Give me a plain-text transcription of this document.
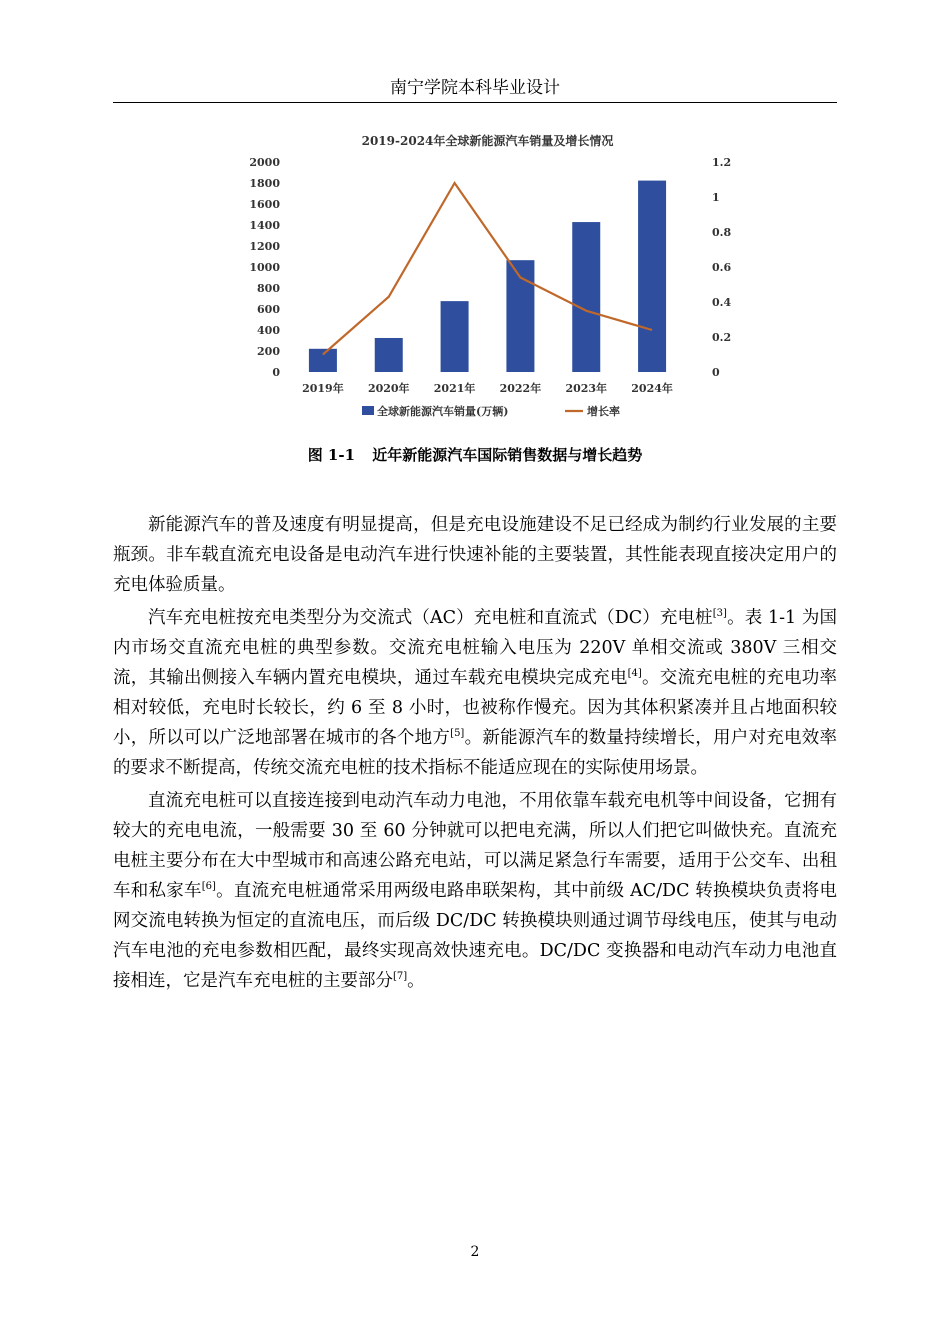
南宁学院本科毕业设计
2019-2024年全球新能源汽车销量及增长情况
0
200
400
600
800
1000
1200
1400
1600
1800
2000
0
0.2
0.4
0.6
0.8
1
1.2
2019年 2020年 2021年 2022年 2023年 2024年
全球新能源汽车销量(万辆)	增长率
图 1-1 近年新能源汽车国际销售数据与增长趋势

新能源汽车的普及速度有明显提高，但是充电设施建设不足已经成为制约行业发展的主要瓶颈。非车载直流充电设备是电动汽车进行快速补能的主要装置，其性能表现直接决定用户的充电体验质量。

汽车充电桩按充电类型分为交流式（AC）充电桩和直流式（DC）充电桩[3]。表 1-1 为国内市场交直流充电桩的典型参数。交流充电桩输入电压为 220V 单相交流或 380V 三相交流，其输出侧接入车辆内置充电模块，通过车载充电模块完成充电[4]。交流充电桩的充电功率相对较低，充电时长较长，约 6 至 8 小时，也被称作慢充。因为其体积紧凑并且占地面积较小，所以可以广泛地部署在城市的各个地方[5]。新能源汽车的数量持续增长，用户对充电效率的要求不断提高，传统交流充电桩的技术指标不能适应现在的实际使用场景。

直流充电桩可以直接连接到电动汽车动力电池，不用依靠车载充电机等中间设备，它拥有较大的充电电流，一般需要 30 至 60 分钟就可以把电充满，所以人们把它叫做快充。直流充电桩主要分布在大中型城市和高速公路充电站，可以满足紧急行车需要，适用于公交车、出租车和私家车[6]。直流充电桩通常采用两级电路串联架构，其中前级 AC/DC 转换模块负责将电网交流电转换为恒定的直流电压，而后级 DC/DC 转换模块则通过调节母线电压，使其与电动汽车电池的充电参数相匹配，最终实现高效快速充电。DC/DC 变换器和电动汽车动力电池直接相连，它是汽车充电桩的主要部分[7]。

2
